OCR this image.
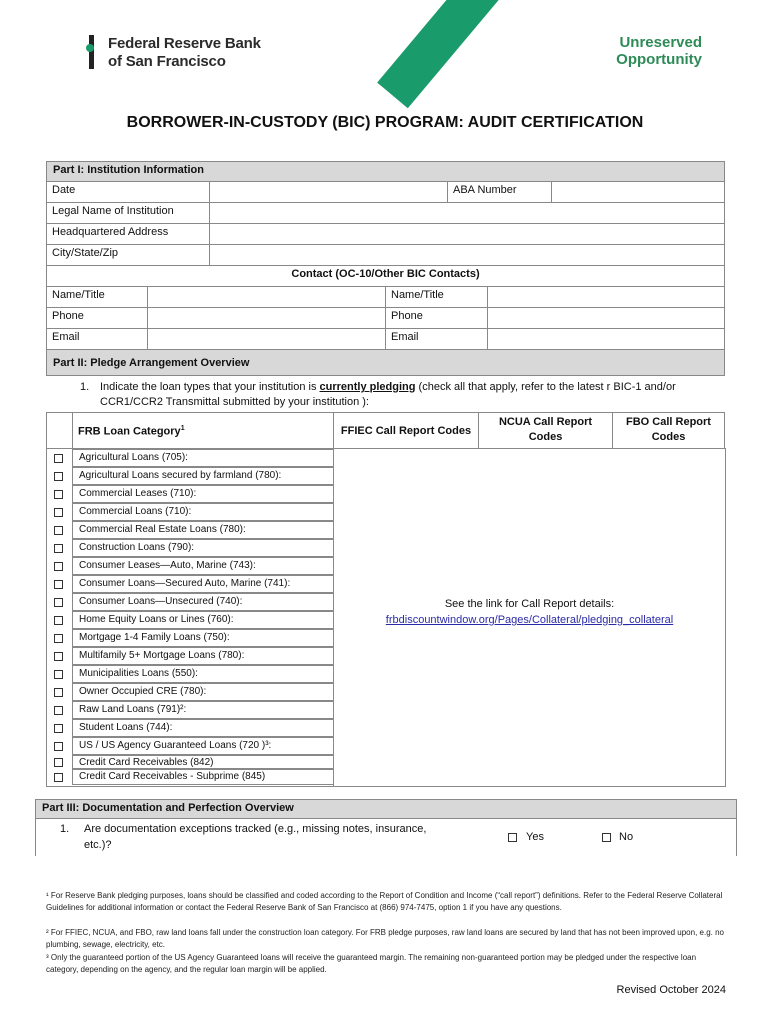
Federal Reserve Bank
of San Francisco
Unreserved
Opportunity
BORROWER-IN-CUSTODY (BIC) PROGRAM: AUDIT CERTIFICATION
Part I: Institution Information
Date	ABA Number
Legal Name of Institution
Headquartered Address
City/State/Zip
Contact (OC-10/Other BIC Contacts)
Name/Title	Name/Title
Phone	Phone
Email	Email
Part II: Pledge Arrangement Overview
1. Indicate the loan types that your institution is currently pledging (check all that apply, refer to the latest r BIC-1 and/or
CCR1/CCR2 Transmittal submitted by your institution ):
FRB Loan Category$^1$	FFIEC Call Report Codes
NCUA Call Report
Codes
FBO Call Report
Codes
Agricultural Loans (705):
Agricultural Loans secured by farmland (780):
Commercial Leases (710):
Commercial Loans (710):
Commercial Real Estate Loans (780):
Construction Loans (790):
Consumer Leases—Auto, Marine (743):
Consumer Loans—Secured Auto, Marine (741):
Consumer Loans—Unsecured (740):
Home Equity Loans or Lines (760):
Mortgage 1-4 Family Loans (750):
Multifamily 5+ Mortgage Loans (780):
Municipalities Loans (550):
Owner Occupied CRE (780):
Raw Land Loans (791)²:
Student Loans (744):
US / US Agency Guaranteed Loans (720 )³:
Credit Card Receivables (842)
Credit Card Receivables - Subprime (845)
See the link for Call Report details:
frbdiscountwindow.org/Pages/Collateral/pledging_collateral
Part III: Documentation and Perfection Overview
1. Are documentation exceptions tracked (e.g., missing notes, insurance,
etc.)?
Yes	No
¹ For Reserve Bank pledging purposes, loans should be classified and coded according to the Report of Condition and Income (“call report”) definitions. Refer to the Federal Reserve Collateral Guidelines for additional information or contact the Federal Reserve Bank of San Francisco at (866) 974-7475, option 1 if you have any questions.
² For FFIEC, NCUA, and FBO, raw land loans fall under the construction loan category. For FRB pledge purposes, raw land loans are secured by land that has not been improved upon, e.g. no plumbing, sewage, electricity, etc.
³ Only the guaranteed portion of the US Agency Guaranteed loans will receive the guaranteed margin. The remaining non-guaranteed portion may be pledged under the respective loan category, depending on the agency, and the regular loan margin will be applied.
Revised October 2024
